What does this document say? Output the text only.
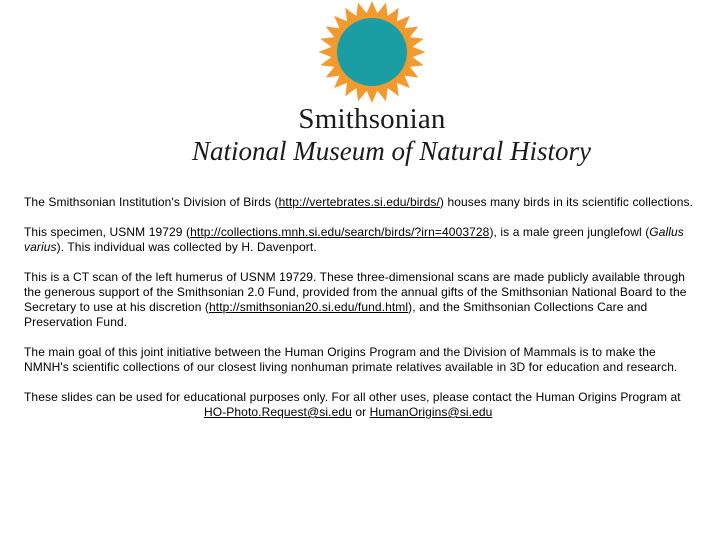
Smithsonian
National Museum of Natural History

The Smithsonian Institution's Division of Birds (http://vertebrates.si.edu/birds/) houses many birds in its scientific collections.

This specimen, USNM 19729 (http://collections.mnh.si.edu/search/birds/?irn=4003728), is a male green junglefowl (Gallus varius). This individual was collected by H. Davenport.

This is a CT scan of the left humerus of USNM 19729. These three-dimensional scans are made publicly available through the generous support of the Smithsonian 2.0 Fund, provided from the annual gifts of the Smithsonian National Board to the Secretary to use at his discretion (http://smithsonian20.si.edu/fund.html), and the Smithsonian Collections Care and Preservation Fund.

The main goal of this joint initiative between the Human Origins Program and the Division of Mammals is to make the NMNH's scientific collections of our closest living nonhuman primate relatives available in 3D for education and research.

These slides can be used for educational purposes only. For all other uses, please contact the Human Origins Program at
HO-Photo.Request@si.edu or HumanOrigins@si.edu
